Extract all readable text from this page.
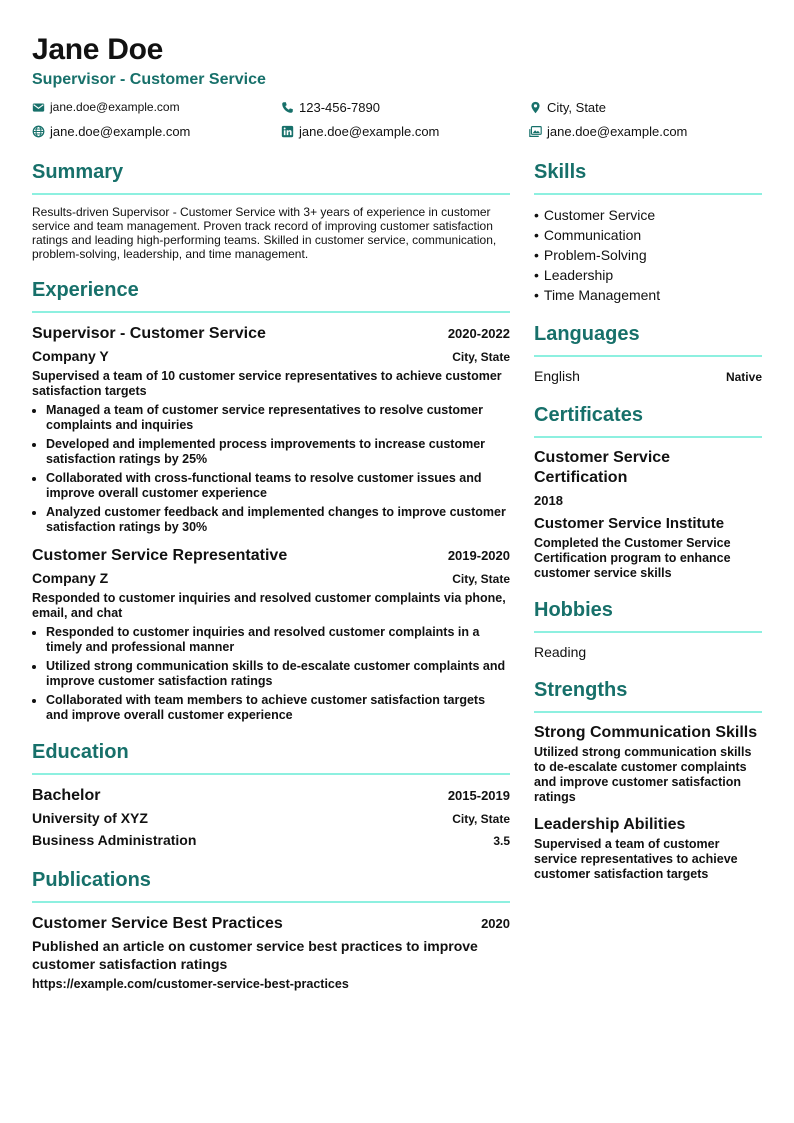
Jane Doe
Supervisor - Customer Service
jane.doe@example.com	123-456-7890	City, State
jane.doe@example.com	jane.doe@example.com	jane.doe@example.com
Summary
Results-driven Supervisor - Customer Service with 3+ years of experience in customer service and team management. Proven track record of improving customer satisfaction ratings and leading high-performing teams. Skilled in customer service, communication, problem-solving, leadership, and time management.
Experience
Supervisor - Customer Service	2020-2022
Company Y	City, State
Supervised a team of 10 customer service representatives to achieve customer satisfaction targets
• Managed a team of customer service representatives to resolve customer complaints and inquiries
• Developed and implemented process improvements to increase customer satisfaction ratings by 25%
• Collaborated with cross-functional teams to resolve customer issues and improve overall customer experience
• Analyzed customer feedback and implemented changes to improve customer satisfaction ratings by 30%
Customer Service Representative	2019-2020
Company Z	City, State
Responded to customer inquiries and resolved customer complaints via phone, email, and chat
• Responded to customer inquiries and resolved customer complaints in a timely and professional manner
• Utilized strong communication skills to de-escalate customer complaints and improve customer satisfaction ratings
• Collaborated with team members to achieve customer satisfaction targets and improve overall customer experience
Education
Bachelor	2015-2019
University of XYZ	City, State
Business Administration	3.5
Publications
Customer Service Best Practices	2020
Published an article on customer service best practices to improve customer satisfaction ratings
https://example.com/customer-service-best-practices
Skills
• Customer Service
• Communication
• Problem-Solving
• Leadership
• Time Management
Languages
English	Native
Certificates
Customer Service Certification
2018
Customer Service Institute
Completed the Customer Service Certification program to enhance customer service skills
Hobbies
Reading
Strengths
Strong Communication Skills
Utilized strong communication skills to de-escalate customer complaints and improve customer satisfaction ratings
Leadership Abilities
Supervised a team of customer service representatives to achieve customer satisfaction targets
